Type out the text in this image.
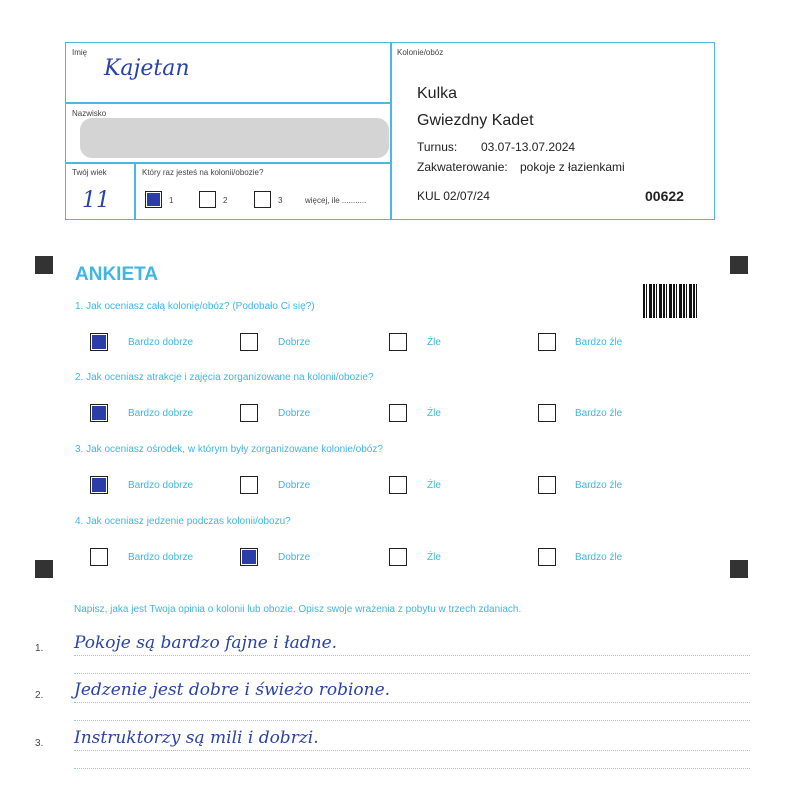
Imię
Kajetan
Nazwisko
Twój wiek
11
Który raz jesteś na kolonii/obozie?
1	2	3	więcej, ile ...........
Kolonie/obóz
Kulka
Gwiezdny Kadet
Turnus: 03.07-13.07.2024
Zakwaterowanie: pokoje z łazienkami
KUL 02/07/24	00622
ANKIETA
1. Jak oceniasz całą kolonię/obóz? (Podobało Ci się?)
Bardzo dobrze	Dobrze	Źle	Bardzo źle
2. Jak oceniasz atrakcje i zajęcia zorganizowane na kolonii/obozie?
Bardzo dobrze	Dobrze	Źle	Bardzo źle
3. Jak oceniasz ośrodek, w którym były zorganizowane kolonie/obóz?
Bardzo dobrze	Dobrze	Źle	Bardzo źle
4. Jak oceniasz jedzenie podczas kolonii/obozu?
Bardzo dobrze	Dobrze	Źle	Bardzo źle
Napisz, jaka jest Twoja opinia o kolonii lub obozie. Opisz swoje wrażenia z pobytu w trzech zdaniach.
1. Pokoje są bardzo fajne i ładne.
2. Jedzenie jest dobre i świeżo robione.
3. Instruktorzy są mili i dobrzi.
